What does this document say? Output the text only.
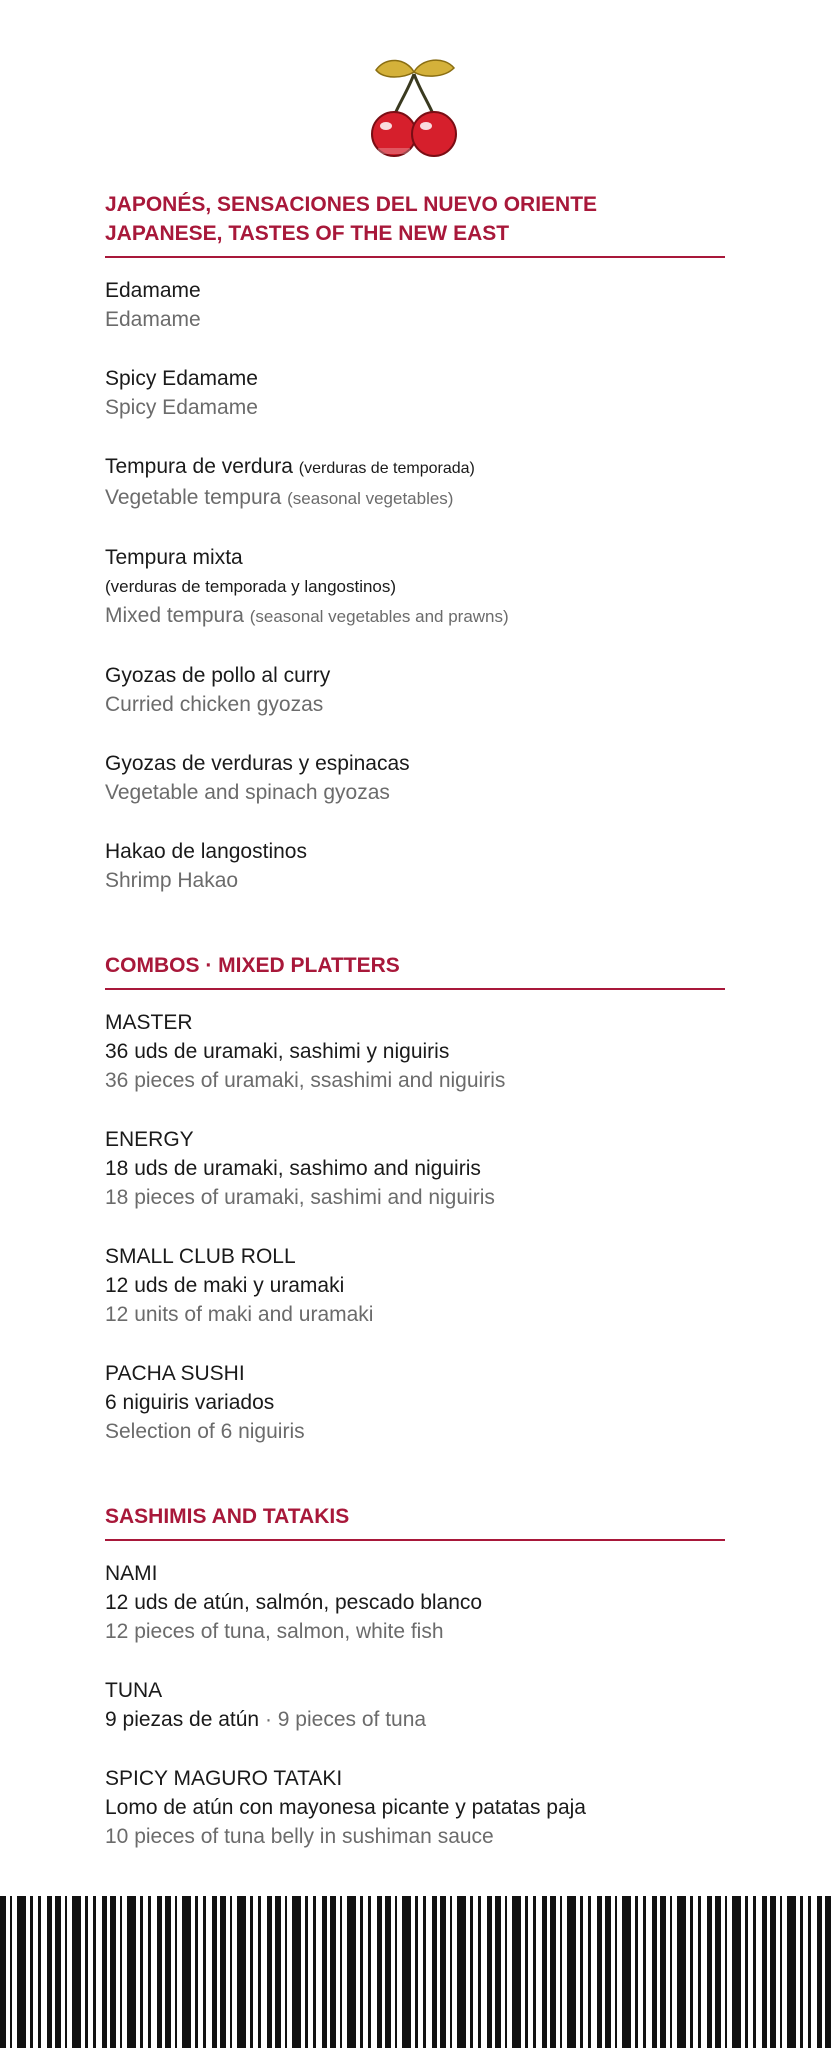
JAPONÉS, SENSACIONES DEL NUEVO ORIENTE
JAPANESE, TASTES OF THE NEW EAST
Edamame
Edamame
Spicy Edamame
Spicy Edamame
Tempura de verdura (verduras de temporada)
Vegetable tempura (seasonal vegetables)
Tempura mixta
(verduras de temporada y langostinos)
Mixed tempura (seasonal vegetables and prawns)
Gyozas de pollo al curry
Curried chicken gyozas
Gyozas de verduras y espinacas
Vegetable and spinach gyozas
Hakao de langostinos
Shrimp Hakao
COMBOS · MIXED PLATTERS
MASTER
36 uds de uramaki, sashimi y niguiris
36 pieces of uramaki, ssashimi and niguiris
ENERGY
18 uds de uramaki, sashimo and niguiris
18 pieces of uramaki, sashimi and niguiris
SMALL CLUB ROLL
12 uds de maki y uramaki
12 units of maki and uramaki
PACHA SUSHI
6 niguiris variados
Selection of 6 niguiris
SASHIMIS AND TATAKIS
NAMI
12 uds de atún, salmón, pescado blanco
12 pieces of tuna, salmon, white fish
TUNA
9 piezas de atún · 9 pieces of tuna
SPICY MAGURO TATAKI
Lomo de atún con mayonesa picante y patatas paja
10 pieces of tuna belly in sushiman sauce
